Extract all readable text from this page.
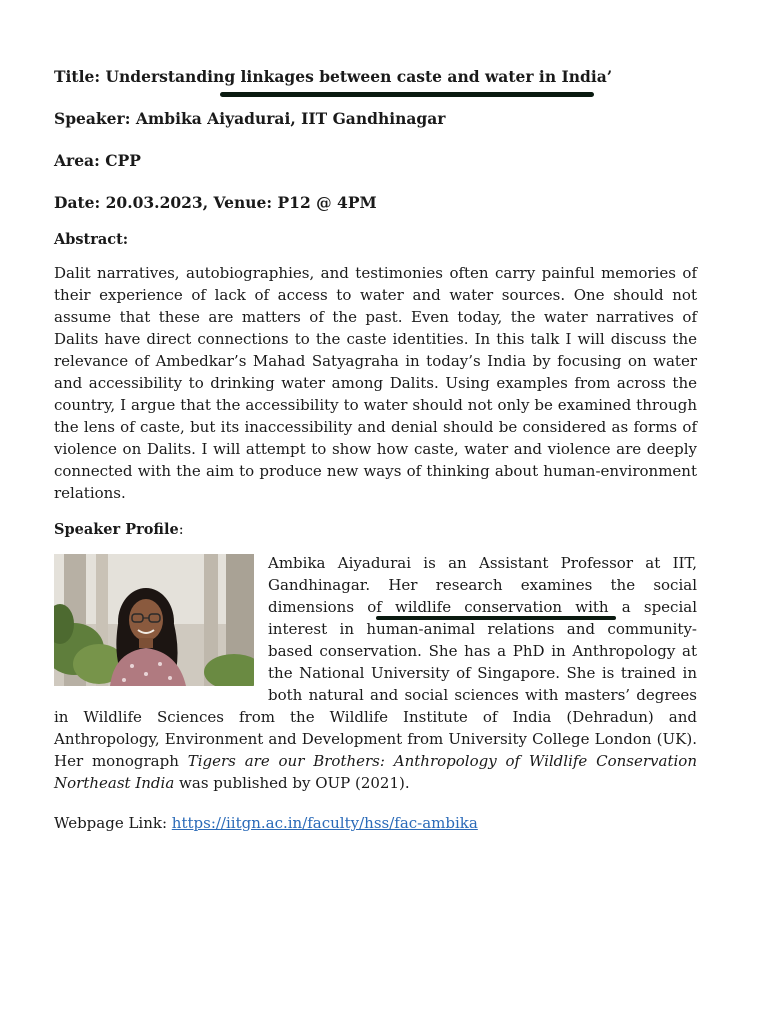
Title: Understanding linkages between caste and water in India’

Speaker: Ambika Aiyadurai, IIT Gandhinagar

Area: CPP

Date: 20.03.2023, Venue: P12 @ 4PM

Abstract:

Dalit narratives, autobiographies, and testimonies often carry painful memories of their experience of lack of access to water and water sources. One should not assume that these are matters of the past. Even today, the water narratives of Dalits have direct connections to the caste identities. In this talk I will discuss the relevance of Ambedkar’s Mahad Satyagraha in today’s India by focusing on water and accessibility to drinking water among Dalits. Using examples from across the country, I argue that the accessibility to water should not only be examined through the lens of caste, but its inaccessibility and denial should be considered as forms of violence on Dalits. I will attempt to show how caste, water and violence are deeply connected with the aim to produce new ways of thinking about human-environment relations.

Speaker Profile:

Ambika Aiyadurai is an Assistant Professor at IIT, Gandhinagar. Her research examines the social dimensions of wildlife conservation with a special interest in human-animal relations and community-based conservation. She has a PhD in Anthropology at the National University of Singapore. She is trained in both natural and social sciences with masters’ degrees in Wildlife Sciences from the Wildlife Institute of India (Dehradun) and Anthropology, Environment and Development from University College London (UK). Her monograph Tigers are our Brothers: Anthropology of Wildlife Conservation Northeast India was published by OUP (2021).

Webpage Link: https://iitgn.ac.in/faculty/hss/fac-ambika
